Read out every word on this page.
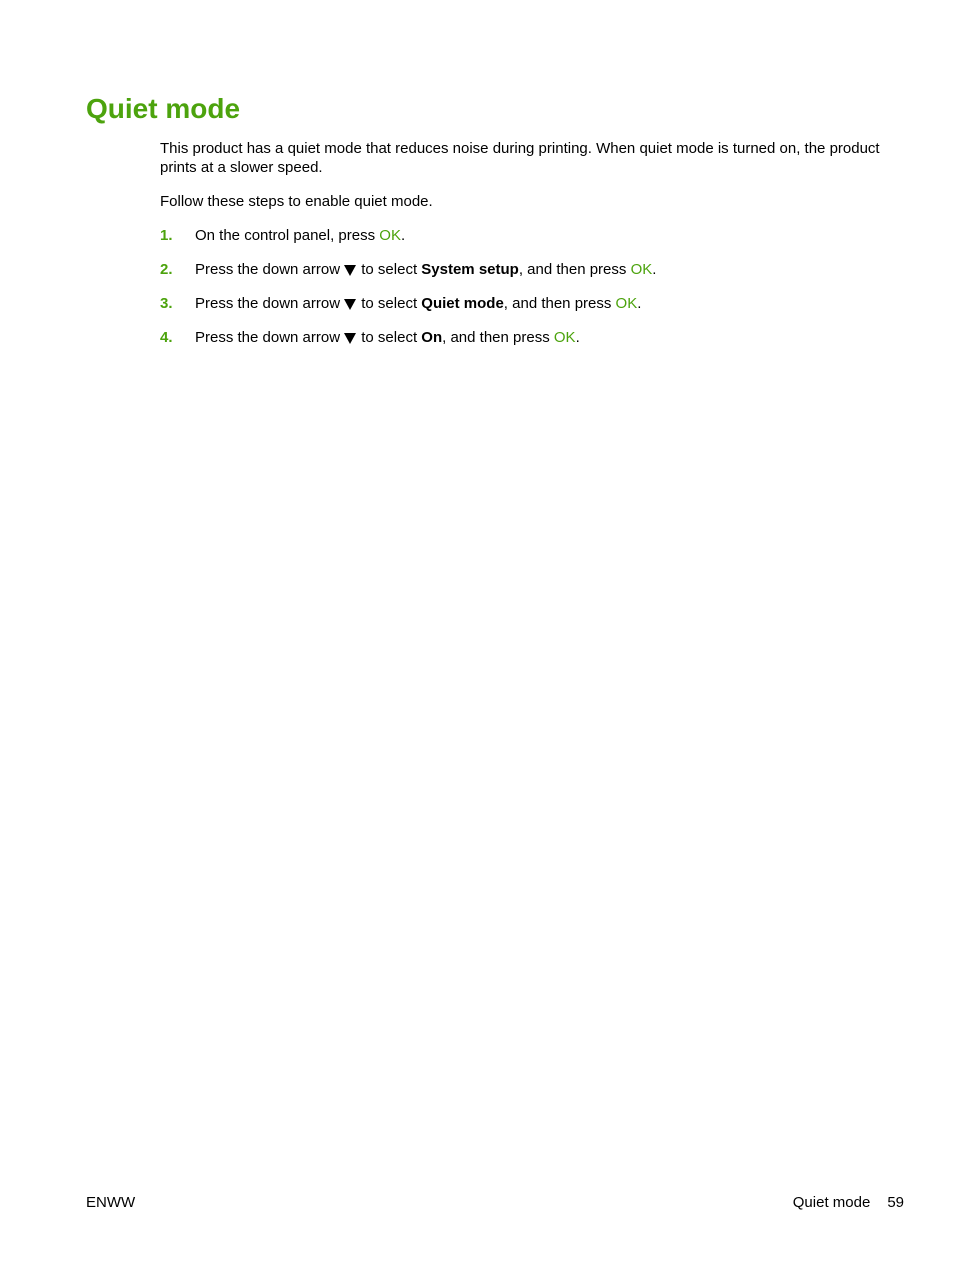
Quiet mode

This product has a quiet mode that reduces noise during printing. When quiet mode is turned on, the product prints at a slower speed.

Follow these steps to enable quiet mode.

1. On the control panel, press OK.
2. Press the down arrow to select System setup, and then press OK.
3. Press the down arrow to select Quiet mode, and then press OK.
4. Press the down arrow to select On, and then press OK.
ENWW	Quiet mode 59
